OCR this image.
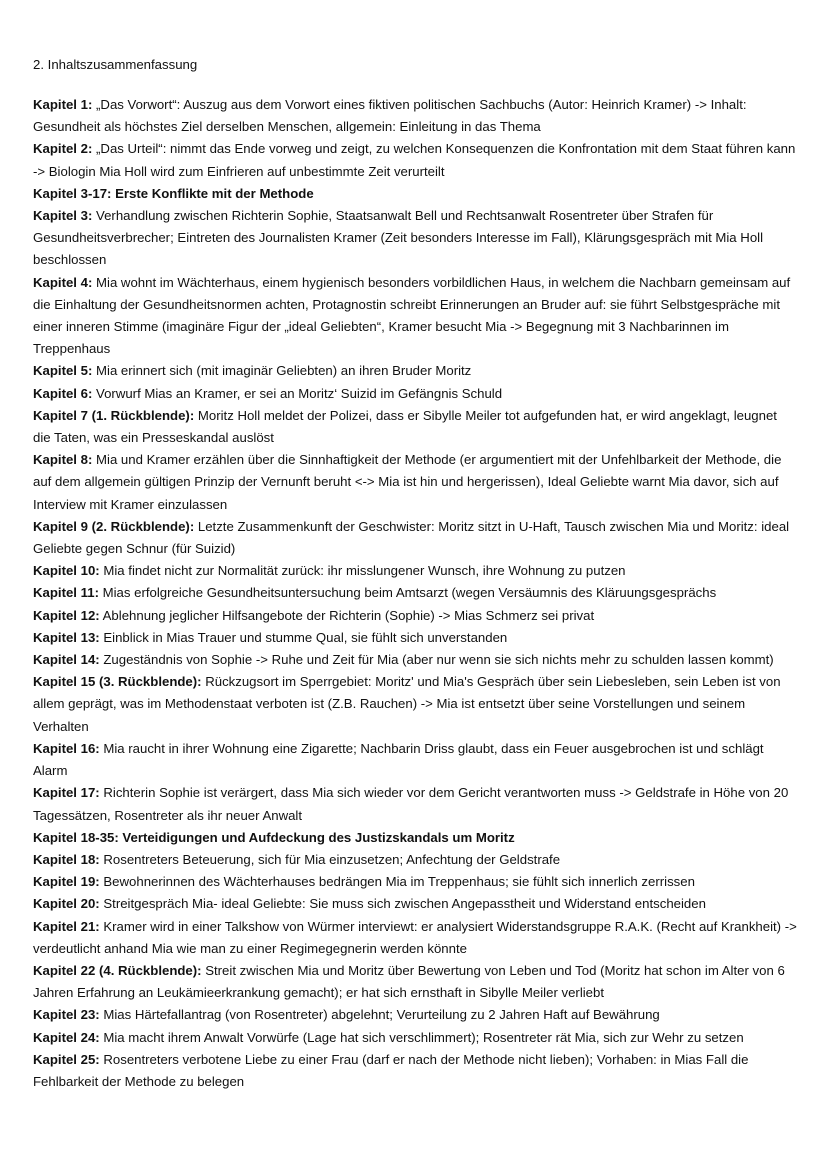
2. Inhaltszusammenfassung

Kapitel 1: „Das Vorwort“: Auszug aus dem Vorwort eines fiktiven politischen Sachbuchs (Autor: Heinrich Kramer) -> Inhalt: Gesundheit als höchstes Ziel derselben Menschen, allgemein: Einleitung in das Thema

Kapitel 2: „Das Urteil“: nimmt das Ende vorweg und zeigt, zu welchen Konsequenzen die Konfrontation mit dem Staat führen kann -> Biologin Mia Holl wird zum Einfrieren auf unbestimmte Zeit verurteilt

Kapitel 3-17: Erste Konflikte mit der Methode

Kapitel 3: Verhandlung zwischen Richterin Sophie, Staatsanwalt Bell und Rechtsanwalt Rosentreter über Strafen für Gesundheitsverbrecher; Eintreten des Journalisten Kramer (Zeit besonders Interesse im Fall), Klärungsgespräch mit Mia Holl beschlossen

Kapitel 4: Mia wohnt im Wächterhaus, einem hygienisch besonders vorbildlichen Haus, in welchem die Nachbarn gemeinsam auf die Einhaltung der Gesundheitsnormen achten, Protagnostin schreibt Erinnerungen an Bruder auf: sie führt Selbstgespräche mit einer inneren Stimme (imaginäre Figur der „ideal Geliebten“, Kramer besucht Mia -> Begegnung mit 3 Nachbarinnen im Treppenhaus

Kapitel 5: Mia erinnert sich (mit imaginär Geliebten) an ihren Bruder Moritz

Kapitel 6: Vorwurf Mias an Kramer, er sei an Moritz‘ Suizid im Gefängnis Schuld

Kapitel 7 (1. Rückblende): Moritz Holl meldet der Polizei, dass er Sibylle Meiler tot aufgefunden hat, er wird angeklagt, leugnet die Taten, was ein Presseskandal auslöst

Kapitel 8: Mia und Kramer erzählen über die Sinnhaftigkeit der Methode (er argumentiert mit der Unfehlbarkeit der Methode, die auf dem allgemein gültigen Prinzip der Vernunft beruht <-> Mia ist hin und hergerissen), Ideal Geliebte warnt Mia davor, sich auf Interview mit Kramer einzulassen

Kapitel 9 (2. Rückblende): Letzte Zusammenkunft der Geschwister: Moritz sitzt in U-Haft, Tausch zwischen Mia und Moritz: ideal Geliebte gegen Schnur (für Suizid)

Kapitel 10: Mia findet nicht zur Normalität zurück: ihr misslungener Wunsch, ihre Wohnung zu putzen

Kapitel 11: Mias erfolgreiche Gesundheitsuntersuchung beim Amtsarzt (wegen Versäumnis des Kläruungsgesprächs

Kapitel 12: Ablehnung jeglicher Hilfsangebote der Richterin (Sophie) -> Mias Schmerz sei privat

Kapitel 13: Einblick in Mias Trauer und stumme Qual, sie fühlt sich unverstanden

Kapitel 14: Zugeständnis von Sophie -> Ruhe und Zeit für Mia (aber nur wenn sie sich nichts mehr zu schulden lassen kommt)

Kapitel 15 (3. Rückblende): Rückzugsort im Sperrgebiet: Moritz' und Mia's Gespräch über sein Liebesleben, sein Leben ist von allem geprägt, was im Methodenstaat verboten ist (Z.B. Rauchen) -> Mia ist entsetzt über seine Vorstellungen und seinem Verhalten

Kapitel 16: Mia raucht in ihrer Wohnung eine Zigarette; Nachbarin Driss glaubt, dass ein Feuer ausgebrochen ist und schlägt Alarm

Kapitel 17: Richterin Sophie ist verärgert, dass Mia sich wieder vor dem Gericht verantworten muss -> Geldstrafe in Höhe von 20 Tagessätzen, Rosentreter als ihr neuer Anwalt

Kapitel 18-35: Verteidigungen und Aufdeckung des Justizskandals um Moritz

Kapitel 18: Rosentreters Beteuerung, sich für Mia einzusetzen; Anfechtung der Geldstrafe

Kapitel 19: Bewohnerinnen des Wächterhauses bedrängen Mia im Treppenhaus; sie fühlt sich innerlich zerrissen

Kapitel 20: Streitgespräch Mia- ideal Geliebte: Sie muss sich zwischen Angepasstheit und Widerstand entscheiden

Kapitel 21: Kramer wird in einer Talkshow von Würmer interviewt: er analysiert Widerstandsgruppe R.A.K. (Recht auf Krankheit) -> verdeutlicht anhand Mia wie man zu einer Regimegegnerin werden könnte

Kapitel 22 (4. Rückblende): Streit zwischen Mia und Moritz über Bewertung von Leben und Tod (Moritz hat schon im Alter von 6 Jahren Erfahrung an Leukämieerkrankung gemacht); er hat sich ernsthaft in Sibylle Meiler verliebt

Kapitel 23: Mias Härtefallantrag (von Rosentreter) abgelehnt; Verurteilung zu 2 Jahren Haft auf Bewährung

Kapitel 24: Mia macht ihrem Anwalt Vorwürfe (Lage hat sich verschlimmert); Rosentreter rät Mia, sich zur Wehr zu setzen

Kapitel 25: Rosentreters verbotene Liebe zu einer Frau (darf er nach der Methode nicht lieben); Vorhaben: in Mias Fall die Fehlbarkeit der Methode zu belegen
